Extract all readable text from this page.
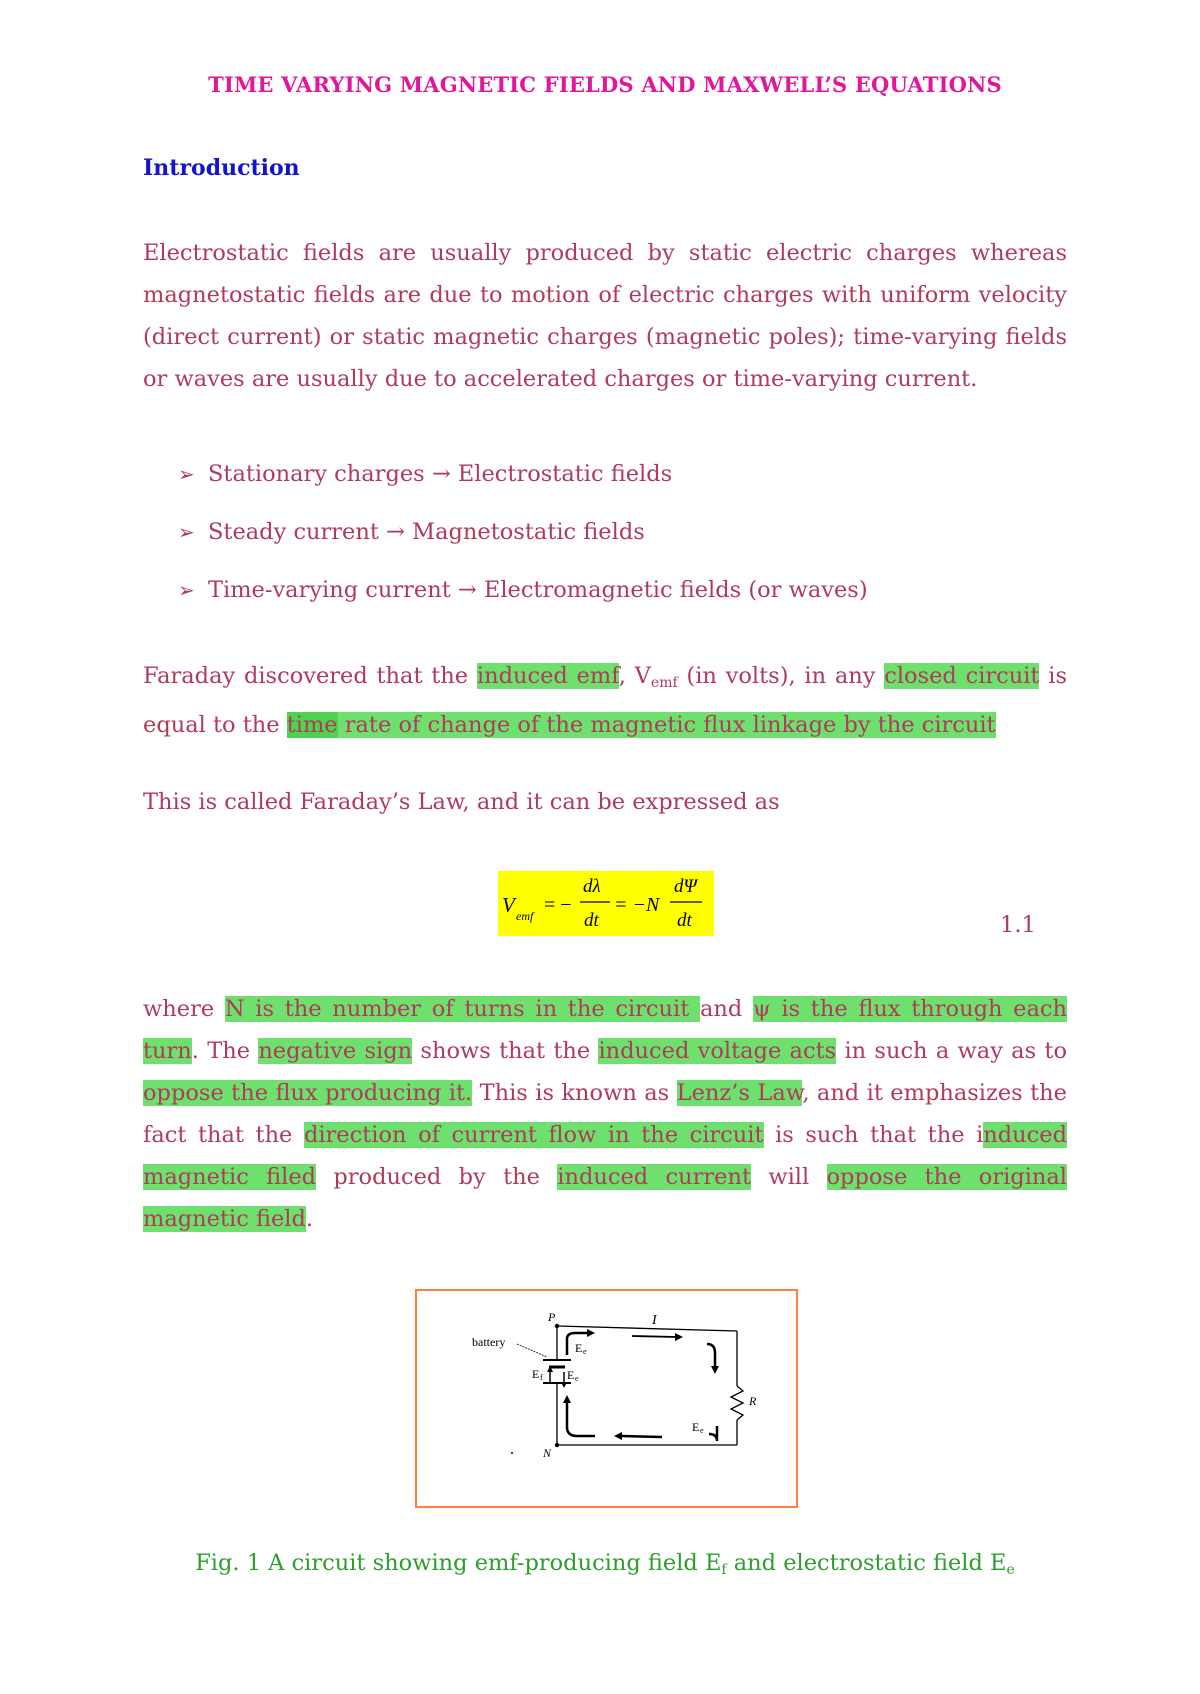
TIME VARYING MAGNETIC FIELDS AND MAXWELL’S EQUATIONS
Introduction
Electrostatic fields are usually produced by static electric charges whereas magnetostatic fields are due to motion of electric charges with uniform velocity (direct current) or static magnetic charges (magnetic poles); time-varying fields or waves are usually due to accelerated charges or time-varying current.
➢ Stationary charges → Electrostatic fields
➢ Steady current → Magnetostatic fields
➢ Time-varying current → Electromagnetic fields (or waves)
Faraday discovered that the induced emf, $V_{emf}$ (in volts), in any closed circuit is equal to the time rate of change of the magnetic flux linkage by the circuit
This is called Faraday’s Law, and it can be expressed as
V emf = −
dλ
dt
= −N
dΨ
dt	1.1
where N is the number of turns in the circuit and ψ is the flux through each turn. The negative sign shows that the induced voltage acts in such a way as to oppose the flux producing it. This is known as Lenz’s Law, and it emphasizes the fact that the direction of current flow in the circuit is such that the induced magnetic filed produced by the induced current will oppose the original magnetic field.
battery
P
N
I
R
E e
E f E e
E e
Fig. 1 A circuit showing emf-producing field $E_f$ and electrostatic field $E_e$
